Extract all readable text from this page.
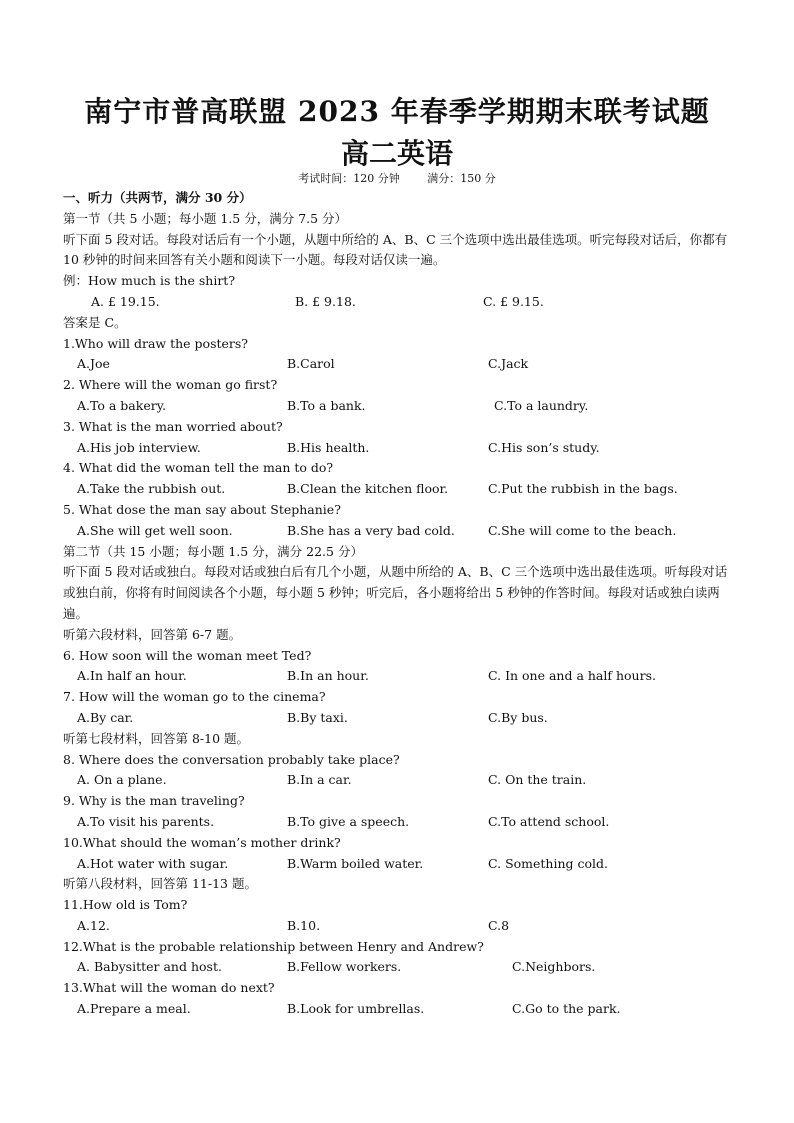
南宁市普高联盟 2023 年春季学期期末联考试题
高二英语
考试时间：120 分钟	满分：150 分
一、听力（共两节，满分 30 分）
第一节（共 5 小题；每小题 1.5 分，满分 7.5 分）
听下面 5 段对话。每段对话后有一个小题，从题中所给的 A、B、C 三个选项中选出最佳选项。听完每段对话后，你都有 10 秒钟的时间来回答有关小题和阅读下一小题。每段对话仅读一遍。
例：How much is the shirt?
A. £ 19.15.	B. £ 9.18.	C. £ 9.15.
答案是 C。
1.Who will draw the posters?
A.Joe	B.Carol	C.Jack
2. Where will the woman go first?
A.To a bakery.	B.To a bank.	C.To a laundry.
3. What is the man worried about?
A.His job interview.	B.His health.	C.His son’s study.
4. What did the woman tell the man to do?
A.Take the rubbish out.	B.Clean the kitchen floor.	C.Put the rubbish in the bags.
5. What dose the man say about Stephanie?
A.She will get well soon.	B.She has a very bad cold.	C.She will come to the beach.
第二节（共 15 小题；每小题 1.5 分，满分 22.5 分）
听下面 5 段对话或独白。每段对话或独白后有几个小题，从题中所给的 A、B、C 三个选项中选出最佳选项。听每段对话或独白前，你将有时间阅读各个小题，每小题 5 秒钟；听完后，各小题将给出 5 秒钟的作答时间。每段对话或独白读两遍。
听第六段材料，回答第 6-7 题。
6. How soon will the woman meet Ted?
A.In half an hour.	B.In an hour.	C. In one and a half hours.
7. How will the woman go to the cinema?
A.By car.	B.By taxi.	C.By bus.
听第七段材料，回答第 8-10 题。
8. Where does the conversation probably take place?
A. On a plane.	B.In a car.	C. On the train.
9. Why is the man traveling?
A.To visit his parents.	B.To give a speech.	C.To attend school.
10.What should the woman’s mother drink?
A.Hot water with sugar.	B.Warm boiled water.	C. Something cold.
听第八段材料，回答第 11-13 题。
11.How old is Tom?
A.12.	B.10.	C.8
12.What is the probable relationship between Henry and Andrew?
A. Babysitter and host.	B.Fellow workers.	C.Neighbors.
13.What will the woman do next?
A.Prepare a meal.	B.Look for umbrellas.	C.Go to the park.
